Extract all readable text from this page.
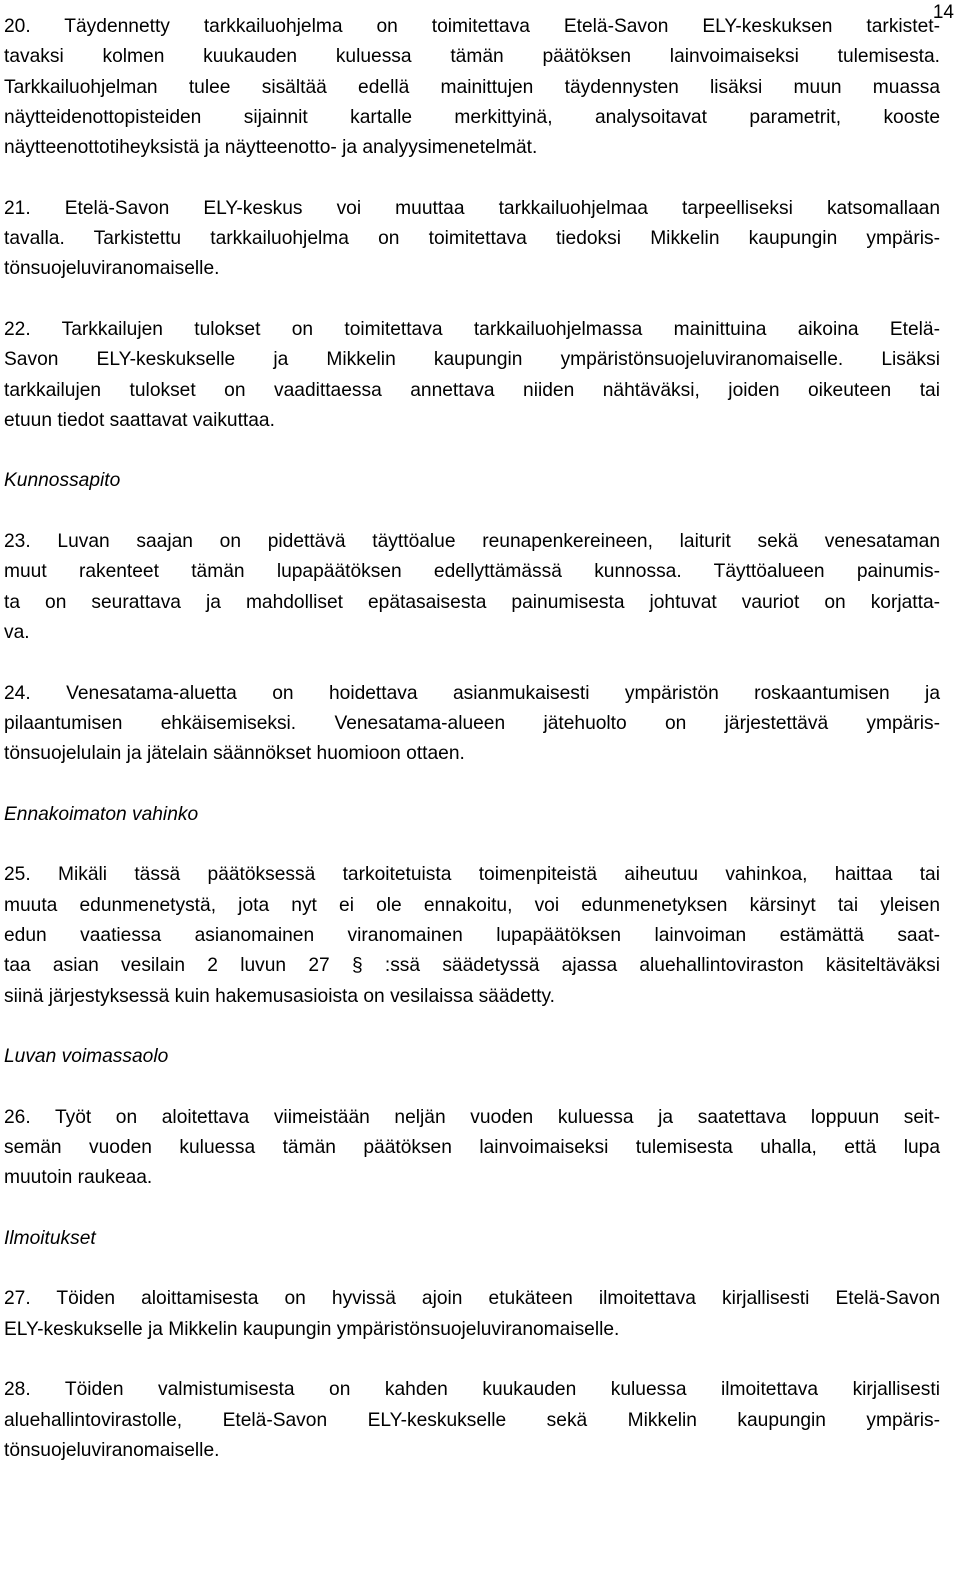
14
20. Täydennetty tarkkailuohjelma on toimitettava Etelä-Savon ELY-keskuksen tarkistet-
tavaksi kolmen kuukauden kuluessa tämän päätöksen lainvoimaiseksi tulemisesta.
Tarkkailuohjelman tulee sisältää edellä mainittujen täydennysten lisäksi muun muassa
näytteidenottopisteiden sijainnit kartalle merkittyinä, analysoitavat parametrit, kooste
näytteenottotiheyksistä ja näytteenotto- ja analyysimenetelmät.
21. Etelä-Savon ELY-keskus voi muuttaa tarkkailuohjelmaa tarpeelliseksi katsomallaan
tavalla. Tarkistettu tarkkailuohjelma on toimitettava tiedoksi Mikkelin kaupungin ympäris-
tönsuojeluviranomaiselle.
22. Tarkkailujen tulokset on toimitettava tarkkailuohjelmassa mainittuina aikoina Etelä-
Savon ELY-keskukselle ja Mikkelin kaupungin ympäristönsuojeluviranomaiselle. Lisäksi
tarkkailujen tulokset on vaadittaessa annettava niiden nähtäväksi, joiden oikeuteen tai
etuun tiedot saattavat vaikuttaa.
Kunnossapito
23. Luvan saajan on pidettävä täyttöalue reunapenkereineen, laiturit sekä venesataman
muut rakenteet tämän lupapäätöksen edellyttämässä kunnossa. Täyttöalueen painumis-
ta on seurattava ja mahdolliset epätasaisesta painumisesta johtuvat vauriot on korjatta-
va.
24. Venesatama-aluetta on hoidettava asianmukaisesti ympäristön roskaantumisen ja
pilaantumisen ehkäisemiseksi. Venesatama-alueen jätehuolto on järjestettävä ympäris-
tönsuojelulain ja jätelain säännökset huomioon ottaen.
Ennakoimaton vahinko
25. Mikäli tässä päätöksessä tarkoitetuista toimenpiteistä aiheutuu vahinkoa, haittaa tai
muuta edunmenetystä, jota nyt ei ole ennakoitu, voi edunmenetyksen kärsinyt tai yleisen
edun vaatiessa asianomainen viranomainen lupapäätöksen lainvoiman estämättä saat-
taa asian vesilain 2 luvun 27 § :ssä säädetyssä ajassa aluehallintoviraston käsiteltäväksi
siinä järjestyksessä kuin hakemusasioista on vesilaissa säädetty.
Luvan voimassaolo
26. Työt on aloitettava viimeistään neljän vuoden kuluessa ja saatettava loppuun seit-
semän vuoden kuluessa tämän päätöksen lainvoimaiseksi tulemisesta uhalla, että lupa
muutoin raukeaa.
Ilmoitukset
27. Töiden aloittamisesta on hyvissä ajoin etukäteen ilmoitettava kirjallisesti Etelä-Savon
ELY-keskukselle ja Mikkelin kaupungin ympäristönsuojeluviranomaiselle.
28. Töiden valmistumisesta on kahden kuukauden kuluessa ilmoitettava kirjallisesti
aluehallintovirastolle, Etelä-Savon ELY-keskukselle sekä Mikkelin kaupungin ympäris-
tönsuojeluviranomaiselle.
